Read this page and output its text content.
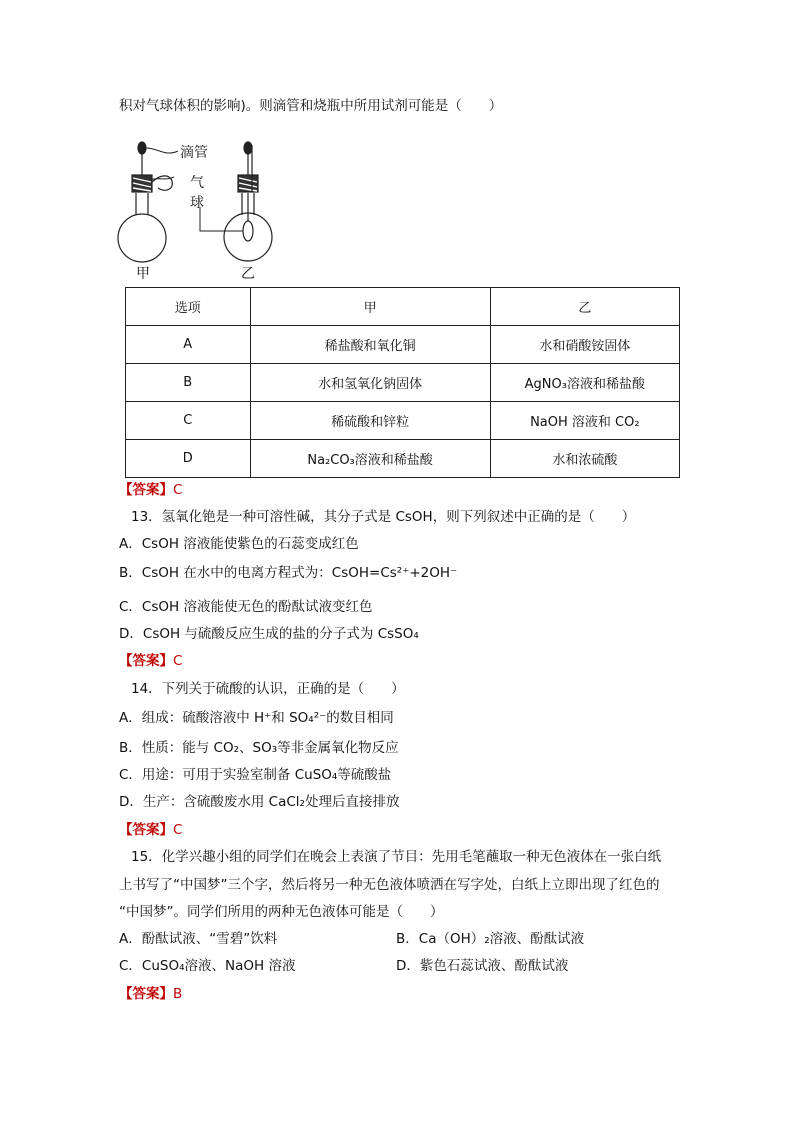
积对气球体积的影响)。则滴管和烧瓶中所用试剂可能是（　　）
滴管
气
球
甲	乙
选项	甲	乙
A	稀盐酸和氧化铜	水和硝酸铵固体
B	水和氢氧化钠固体	AgNO₃溶液和稀盐酸
C	稀硫酸和锌粒	NaOH 溶液和 CO₂
D	Na₂CO₃溶液和稀盐酸	水和浓硫酸
【答案】C
13．氢氧化铯是一种可溶性碱，其分子式是 CsOH，则下列叙述中正确的是（　　）
A．CsOH 溶液能使紫色的石蕊变成红色
B．CsOH 在水中的电离方程式为：CsOH=Cs²⁺+2OH⁻
C．CsOH 溶液能使无色的酚酞试液变红色
D．CsOH 与硫酸反应生成的盐的分子式为 CsSO₄
【答案】C
14．下列关于硫酸的认识，正确的是（　　）
A．组成：硫酸溶液中 H⁺和 SO₄²⁻的数目相同
B．性质：能与 CO₂、SO₃等非金属氧化物反应
C．用途：可用于实验室制备 CuSO₄等硫酸盐
D．生产：含硫酸废水用 CaCl₂处理后直接排放
【答案】C
15．化学兴趣小组的同学们在晚会上表演了节目：先用毛笔蘸取一种无色液体在一张白纸
上书写了“中国梦”三个字，然后将另一种无色液体喷洒在写字处，白纸上立即出现了红色的
“中国梦”。同学们所用的两种无色液体可能是（　　）
A．酚酞试液、“雪碧”饮料	B．Ca（OH）₂溶液、酚酞试液
C．CuSO₄溶液、NaOH 溶液	D．紫色石蕊试液、酚酞试液
【答案】B
